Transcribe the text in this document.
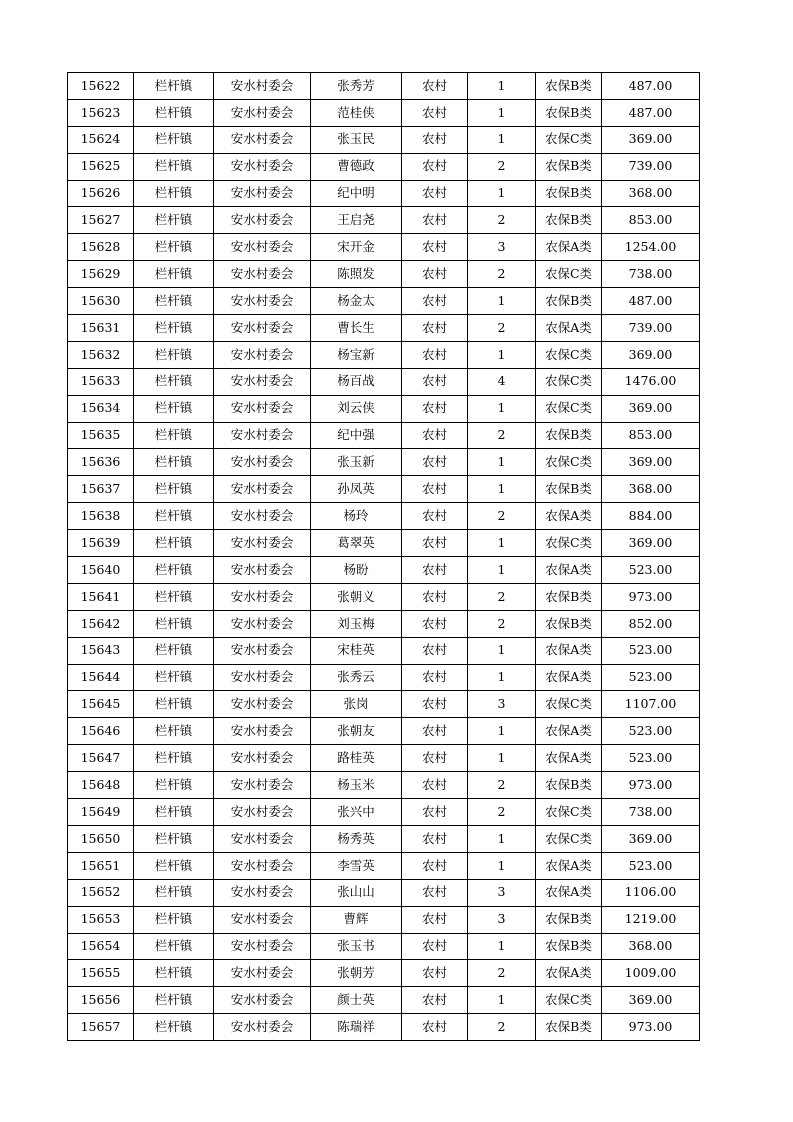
15622	栏杆镇	安水村委会	张秀芳	农村	1	农保B类	487.00
15623	栏杆镇	安水村委会	范桂侠	农村	1	农保B类	487.00
15624	栏杆镇	安水村委会	张玉民	农村	1	农保C类	369.00
15625	栏杆镇	安水村委会	曹德政	农村	2	农保B类	739.00
15626	栏杆镇	安水村委会	纪中明	农村	1	农保B类	368.00
15627	栏杆镇	安水村委会	王启尧	农村	2	农保B类	853.00
15628	栏杆镇	安水村委会	宋开金	农村	3	农保A类	1254.00
15629	栏杆镇	安水村委会	陈照发	农村	2	农保C类	738.00
15630	栏杆镇	安水村委会	杨金太	农村	1	农保B类	487.00
15631	栏杆镇	安水村委会	曹长生	农村	2	农保A类	739.00
15632	栏杆镇	安水村委会	杨宝新	农村	1	农保C类	369.00
15633	栏杆镇	安水村委会	杨百战	农村	4	农保C类	1476.00
15634	栏杆镇	安水村委会	刘云侠	农村	1	农保C类	369.00
15635	栏杆镇	安水村委会	纪中强	农村	2	农保B类	853.00
15636	栏杆镇	安水村委会	张玉新	农村	1	农保C类	369.00
15637	栏杆镇	安水村委会	孙凤英	农村	1	农保B类	368.00
15638	栏杆镇	安水村委会	杨玲	农村	2	农保A类	884.00
15639	栏杆镇	安水村委会	葛翠英	农村	1	农保C类	369.00
15640	栏杆镇	安水村委会	杨盼	农村	1	农保A类	523.00
15641	栏杆镇	安水村委会	张朝义	农村	2	农保B类	973.00
15642	栏杆镇	安水村委会	刘玉梅	农村	2	农保B类	852.00
15643	栏杆镇	安水村委会	宋桂英	农村	1	农保A类	523.00
15644	栏杆镇	安水村委会	张秀云	农村	1	农保A类	523.00
15645	栏杆镇	安水村委会	张岗	农村	3	农保C类	1107.00
15646	栏杆镇	安水村委会	张朝友	农村	1	农保A类	523.00
15647	栏杆镇	安水村委会	路桂英	农村	1	农保A类	523.00
15648	栏杆镇	安水村委会	杨玉米	农村	2	农保B类	973.00
15649	栏杆镇	安水村委会	张兴中	农村	2	农保C类	738.00
15650	栏杆镇	安水村委会	杨秀英	农村	1	农保C类	369.00
15651	栏杆镇	安水村委会	李雪英	农村	1	农保A类	523.00
15652	栏杆镇	安水村委会	张山山	农村	3	农保A类	1106.00
15653	栏杆镇	安水村委会	曹辉	农村	3	农保B类	1219.00
15654	栏杆镇	安水村委会	张玉书	农村	1	农保B类	368.00
15655	栏杆镇	安水村委会	张朝芳	农村	2	农保A类	1009.00
15656	栏杆镇	安水村委会	颜士英	农村	1	农保C类	369.00
15657	栏杆镇	安水村委会	陈瑞祥	农村	2	农保B类	973.00
